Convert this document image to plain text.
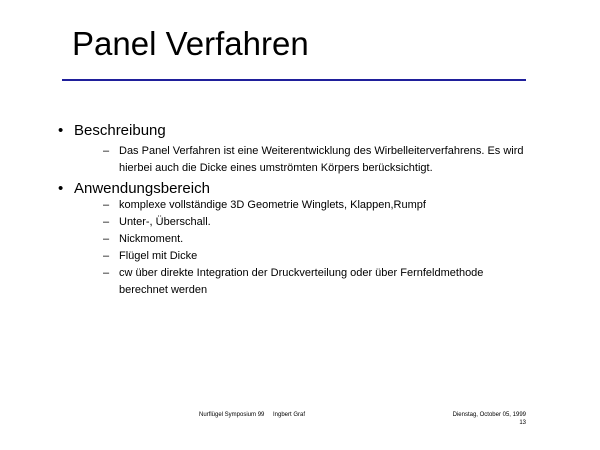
Panel Verfahren
• Beschreibung
– Das Panel Verfahren ist eine Weiterentwicklung des Wirbelleiterverfahrens. Es wird hierbei auch die Dicke eines umströmten Körpers berücksichtigt.
• Anwendungsbereich
– komplexe vollständige 3D Geometrie Winglets, Klappen,Rumpf
– Unter-, Überschall.
– Nickmoment.
– Flügel mit Dicke
– cw über direkte Integration der Druckverteilung oder über Fernfeldmethode berechnet werden
Nurflügel Symposium 99 Ingbert Graf	Dienstag, October 05, 1999
13
